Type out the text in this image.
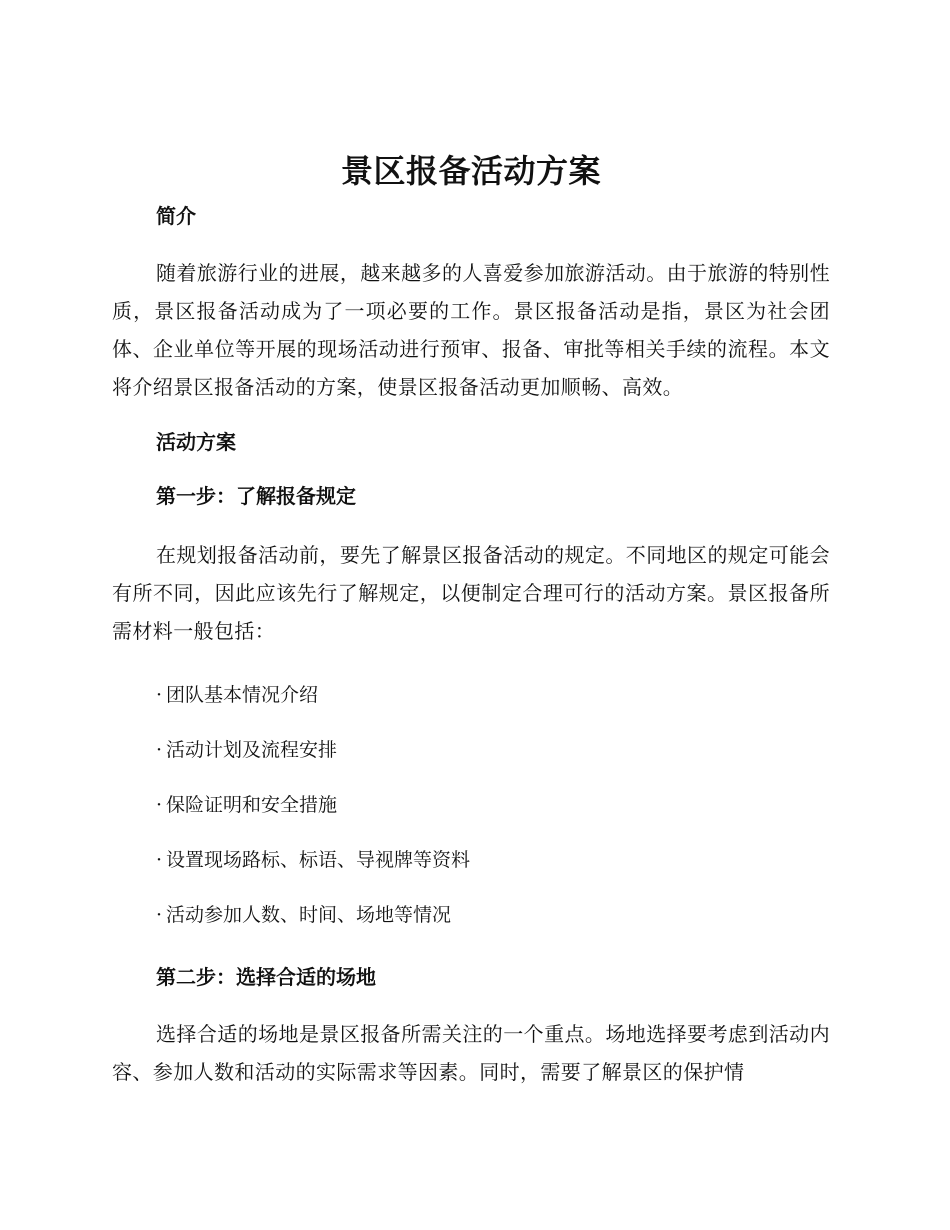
景区报备活动方案
简介

随着旅游行业的进展，越来越多的人喜爱参加旅游活动。由于旅游的特别性质，景区报备活动成为了一项必要的工作。景区报备活动是指，景区为社会团体、企业单位等开展的现场活动进行预审、报备、审批等相关手续的流程。本文将介绍景区报备活动的方案，使景区报备活动更加顺畅、高效。

活动方案
第一步：了解报备规定

在规划报备活动前，要先了解景区报备活动的规定。不同地区的规定可能会有所不同，因此应该先行了解规定，以便制定合理可行的活动方案。景区报备所需材料一般包括：

· 团队基本情况介绍
· 活动计划及流程安排
· 保险证明和安全措施
· 设置现场路标、标语、导视牌等资料
· 活动参加人数、时间、场地等情况
第二步：选择合适的场地

选择合适的场地是景区报备所需关注的一个重点。场地选择要考虑到活动内容、参加人数和活动的实际需求等因素。同时，需要了解景区的保护情
